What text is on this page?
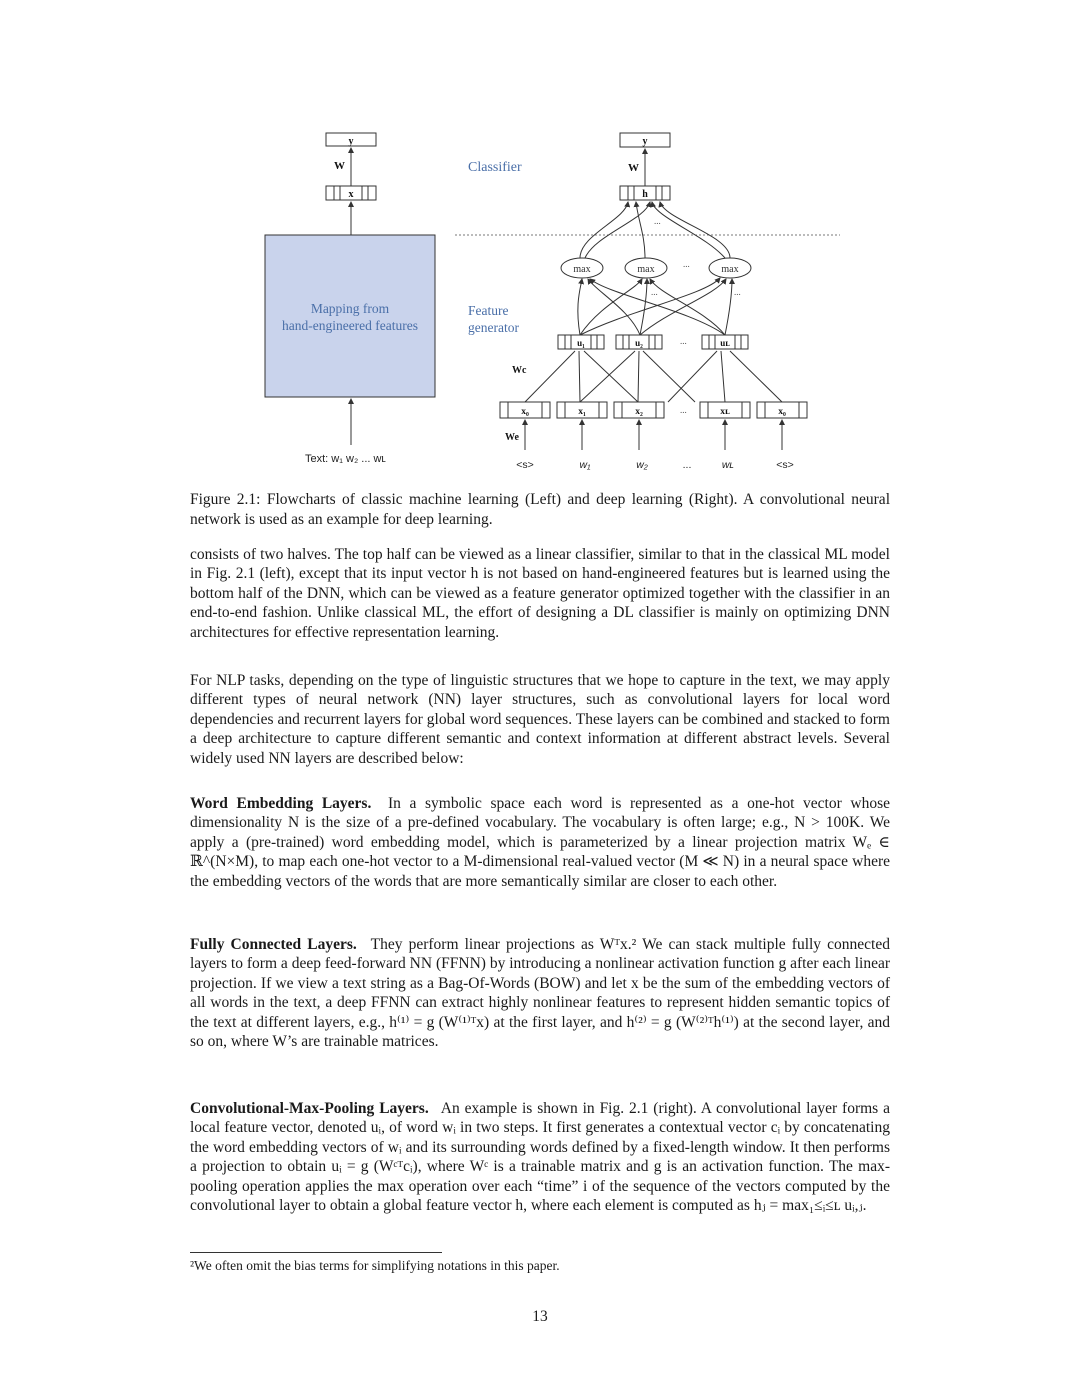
y
W
x
Mapping from
hand-engineered features
Text: w₁ w₂ ... wʟ
Classifier
Feature
generator
y
W
h
...
max	max	max
...
...	...
u₁	u₂	...	uʟ
Wc
x₀	x₁	x₂	...	xʟ	x₀
We
<s>	w₁	w₂	...	wʟ	<s>
Figure 2.1: Flowcharts of classic machine learning (Left) and deep learning (Right). A convolutional neural network is used as an example for deep learning.

consists of two halves. The top half can be viewed as a linear classifier, similar to that in the classical ML model in Fig. 2.1 (left), except that its input vector h is not based on hand-engineered features but is learned using the bottom half of the DNN, which can be viewed as a feature generator optimized together with the classifier in an end-to-end fashion. Unlike classical ML, the effort of designing a DL classifier is mainly on optimizing DNN architectures for effective representation learning.

For NLP tasks, depending on the type of linguistic structures that we hope to capture in the text, we may apply different types of neural network (NN) layer structures, such as convolutional layers for local word dependencies and recurrent layers for global word sequences. These layers can be combined and stacked to form a deep architecture to capture different semantic and context information at different abstract levels. Several widely used NN layers are described below:

Word Embedding Layers. In a symbolic space each word is represented as a one-hot vector whose dimensionality N is the size of a pre-defined vocabulary. The vocabulary is often large; e.g., N > 100K. We apply a (pre-trained) word embedding model, which is parameterized by a linear projection matrix Wₑ ∈ ℝ^(N×M), to map each one-hot vector to a M-dimensional real-valued vector (M ≪ N) in a neural space where the embedding vectors of the words that are more semantically similar are closer to each other.

Fully Connected Layers. They perform linear projections as Wᵀx.² We can stack multiple fully connected layers to form a deep feed-forward NN (FFNN) by introducing a nonlinear activation function g after each linear projection. If we view a text string as a Bag-Of-Words (BOW) and let x be the sum of the embedding vectors of all words in the text, a deep FFNN can extract highly nonlinear features to represent hidden semantic topics of the text at different layers, e.g., h⁽¹⁾ = g (W⁽¹⁾ᵀx) at the first layer, and h⁽²⁾ = g (W⁽²⁾ᵀh⁽¹⁾) at the second layer, and so on, where W’s are trainable matrices.

Convolutional-Max-Pooling Layers. An example is shown in Fig. 2.1 (right). A convolutional layer forms a local feature vector, denoted uᵢ, of word wᵢ in two steps. It first generates a contextual vector cᵢ by concatenating the word embedding vectors of wᵢ and its surrounding words defined by a fixed-length window. It then performs a projection to obtain uᵢ = g (Wᶜᵀcᵢ), where Wᶜ is a trainable matrix and g is an activation function. The max-pooling operation applies the max operation over each “time” i of the sequence of the vectors computed by the convolutional layer to obtain a global feature vector h, where each element is computed as hⱼ = max₁≤ᵢ≤ʟ uᵢ,ⱼ.

²We often omit the bias terms for simplifying notations in this paper.
13
